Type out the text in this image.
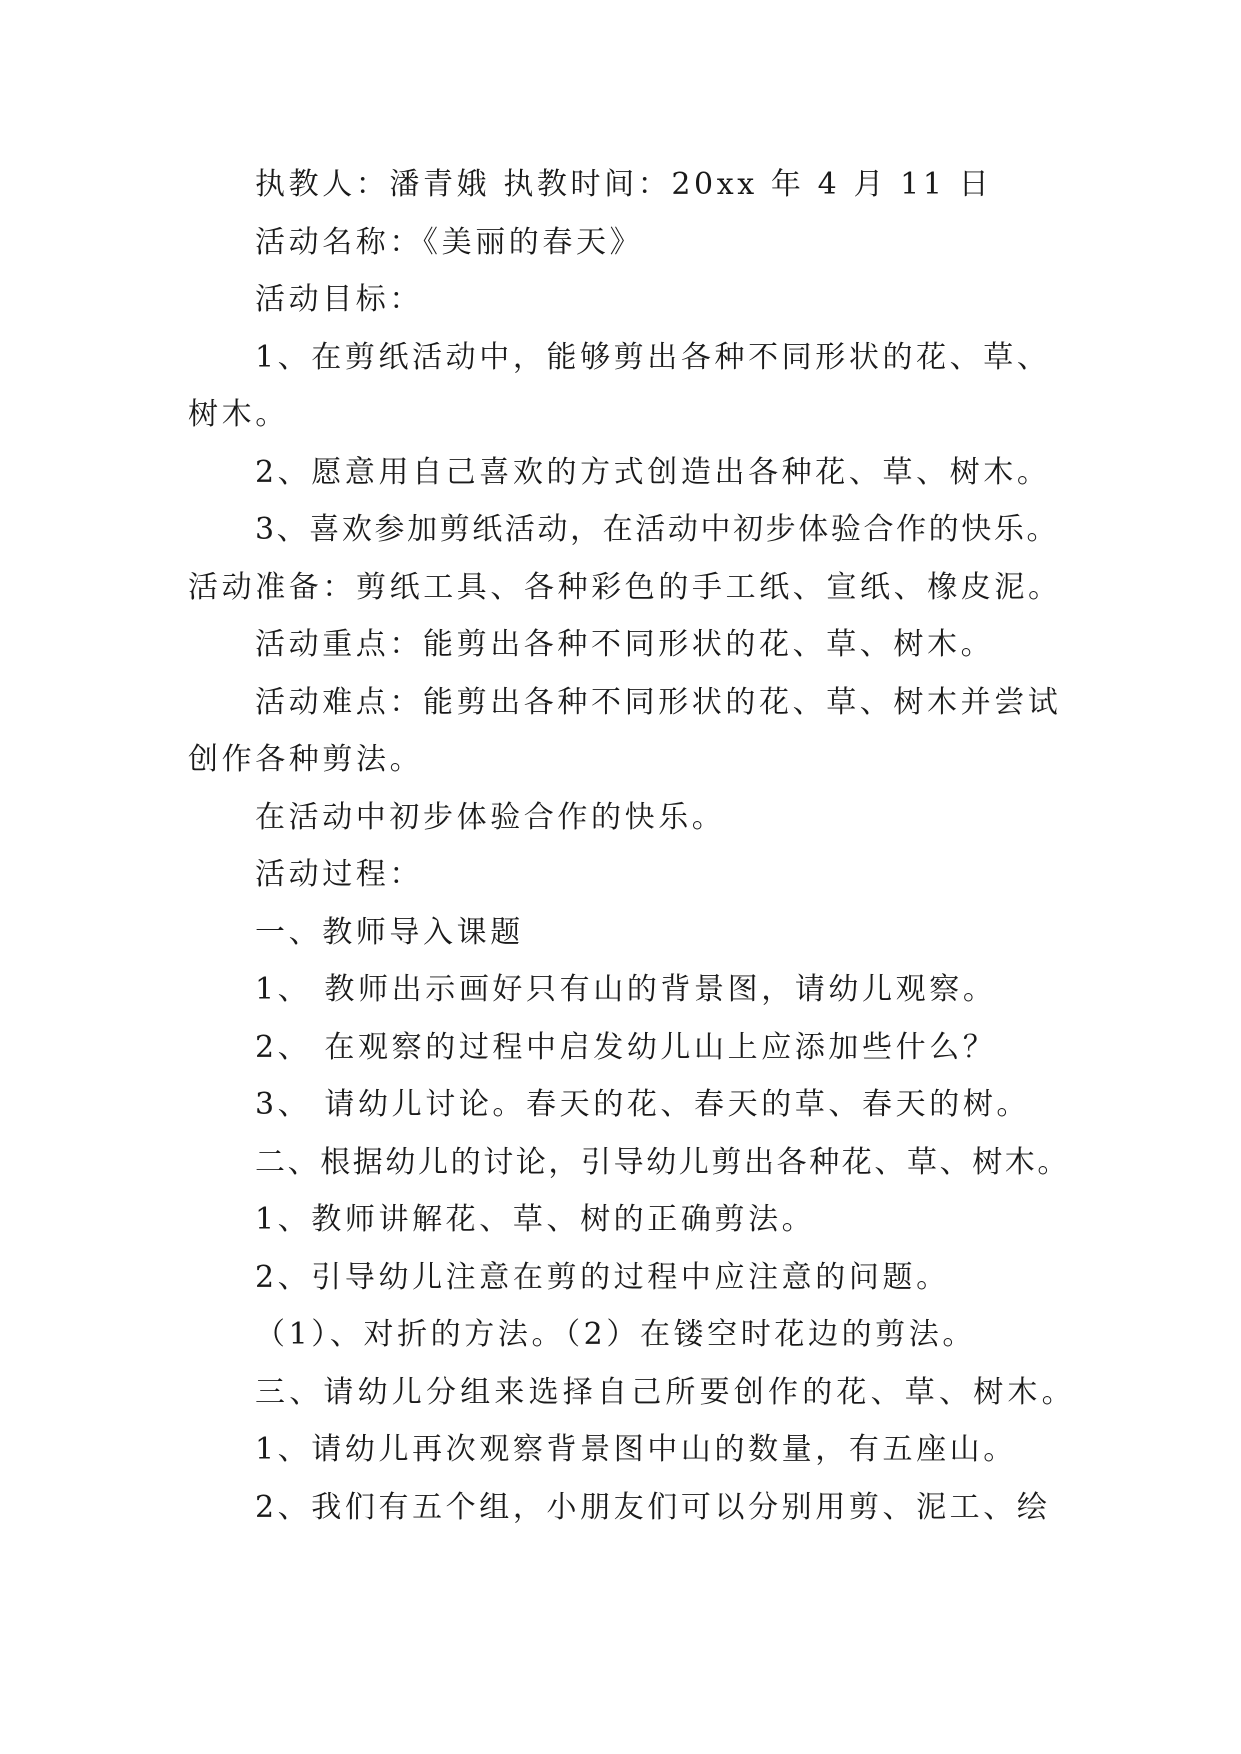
执教人：潘青娥 执教时间：20xx 年 4 月 11 日
活动名称：《美丽的春天》
活动目标：
1、在剪纸活动中，能够剪出各种不同形状的花、草、
树木。
2、愿意用自己喜欢的方式创造出各种花、草、树木。
3、喜欢参加剪纸活动，在活动中初步体验合作的快乐。
活动准备：剪纸工具、各种彩色的手工纸、宣纸、橡皮泥。
活动重点：能剪出各种不同形状的花、草、树木。
活动难点：能剪出各种不同形状的花、草、树木并尝试
创作各种剪法。
在活动中初步体验合作的快乐。
活动过程：
一、教师导入课题
1、 教师出示画好只有山的背景图，请幼儿观察。
2、 在观察的过程中启发幼儿山上应添加些什么？
3、 请幼儿讨论。春天的花、春天的草、春天的树。
二、根据幼儿的讨论，引导幼儿剪出各种花、草、树木。
1、教师讲解花、草、树的正确剪法。
2、引导幼儿注意在剪的过程中应注意的问题。
（1）、对折的方法。（2）在镂空时花边的剪法。
三、请幼儿分组来选择自己所要创作的花、草、树木。
1、请幼儿再次观察背景图中山的数量，有五座山。
2、我们有五个组，小朋友们可以分别用剪、泥工、绘
